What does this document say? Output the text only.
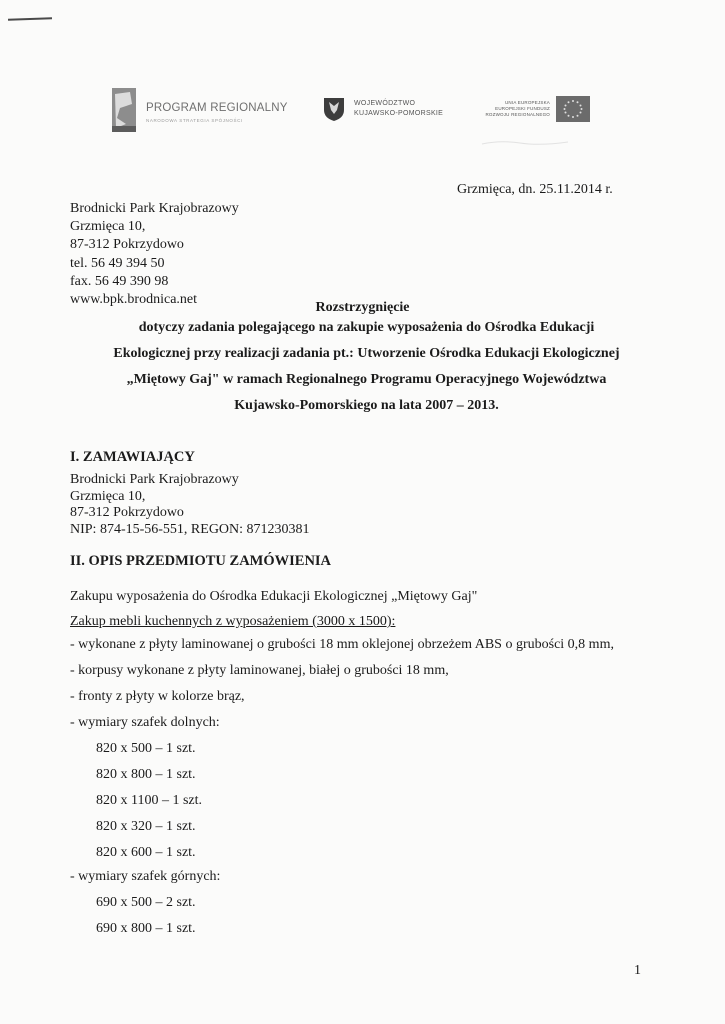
PROGRAM REGIONALNY
NARODOWA STRATEGIA SPÓJNOŚCI
WOJEWÓDZTWO
KUJAWSKO-POMORSKIE
UNIA EUROPEJSKA
EUROPEJSKI FUNDUSZ
ROZWOJU REGIONALNEGO
Grzmięca, dn. 25.11.2014 r.
Brodnicki Park Krajobrazowy
Grzmięca 10,
87-312 Pokrzydowo
tel. 56 49 394 50
fax. 56 49 390 98
www.bpk.brodnica.net
Rozstrzygnięcie
dotyczy zadania polegającego na zakupie wyposażenia do Ośrodka Edukacji
Ekologicznej przy realizacji zadania pt.: Utworzenie Ośrodka Edukacji Ekologicznej
„Miętowy Gaj" w ramach Regionalnego Programu Operacyjnego Województwa
Kujawsko-Pomorskiego na lata 2007 – 2013.
I. ZAMAWIAJĄCY
Brodnicki Park Krajobrazowy
Grzmięca 10,
87-312 Pokrzydowo
NIP: 874-15-56-551, REGON: 871230381
II. OPIS PRZEDMIOTU ZAMÓWIENIA
Zakupu wyposażenia do Ośrodka Edukacji Ekologicznej „Miętowy Gaj"
Zakup mebli kuchennych z wyposażeniem (3000 x 1500):
- wykonane z płyty laminowanej o grubości 18 mm oklejonej obrzeżem ABS o grubości 0,8 mm,
- korpusy wykonane z płyty laminowanej, białej o grubości 18 mm,
- fronty z płyty w kolorze brąz,
- wymiary szafek dolnych:
820 x 500 – 1 szt.
820 x 800 – 1 szt.
820 x 1100 – 1 szt.
820 x 320 – 1 szt.
820 x 600 – 1 szt.
- wymiary szafek górnych:
690 x 500 – 2 szt.
690 x 800 – 1 szt.
1
